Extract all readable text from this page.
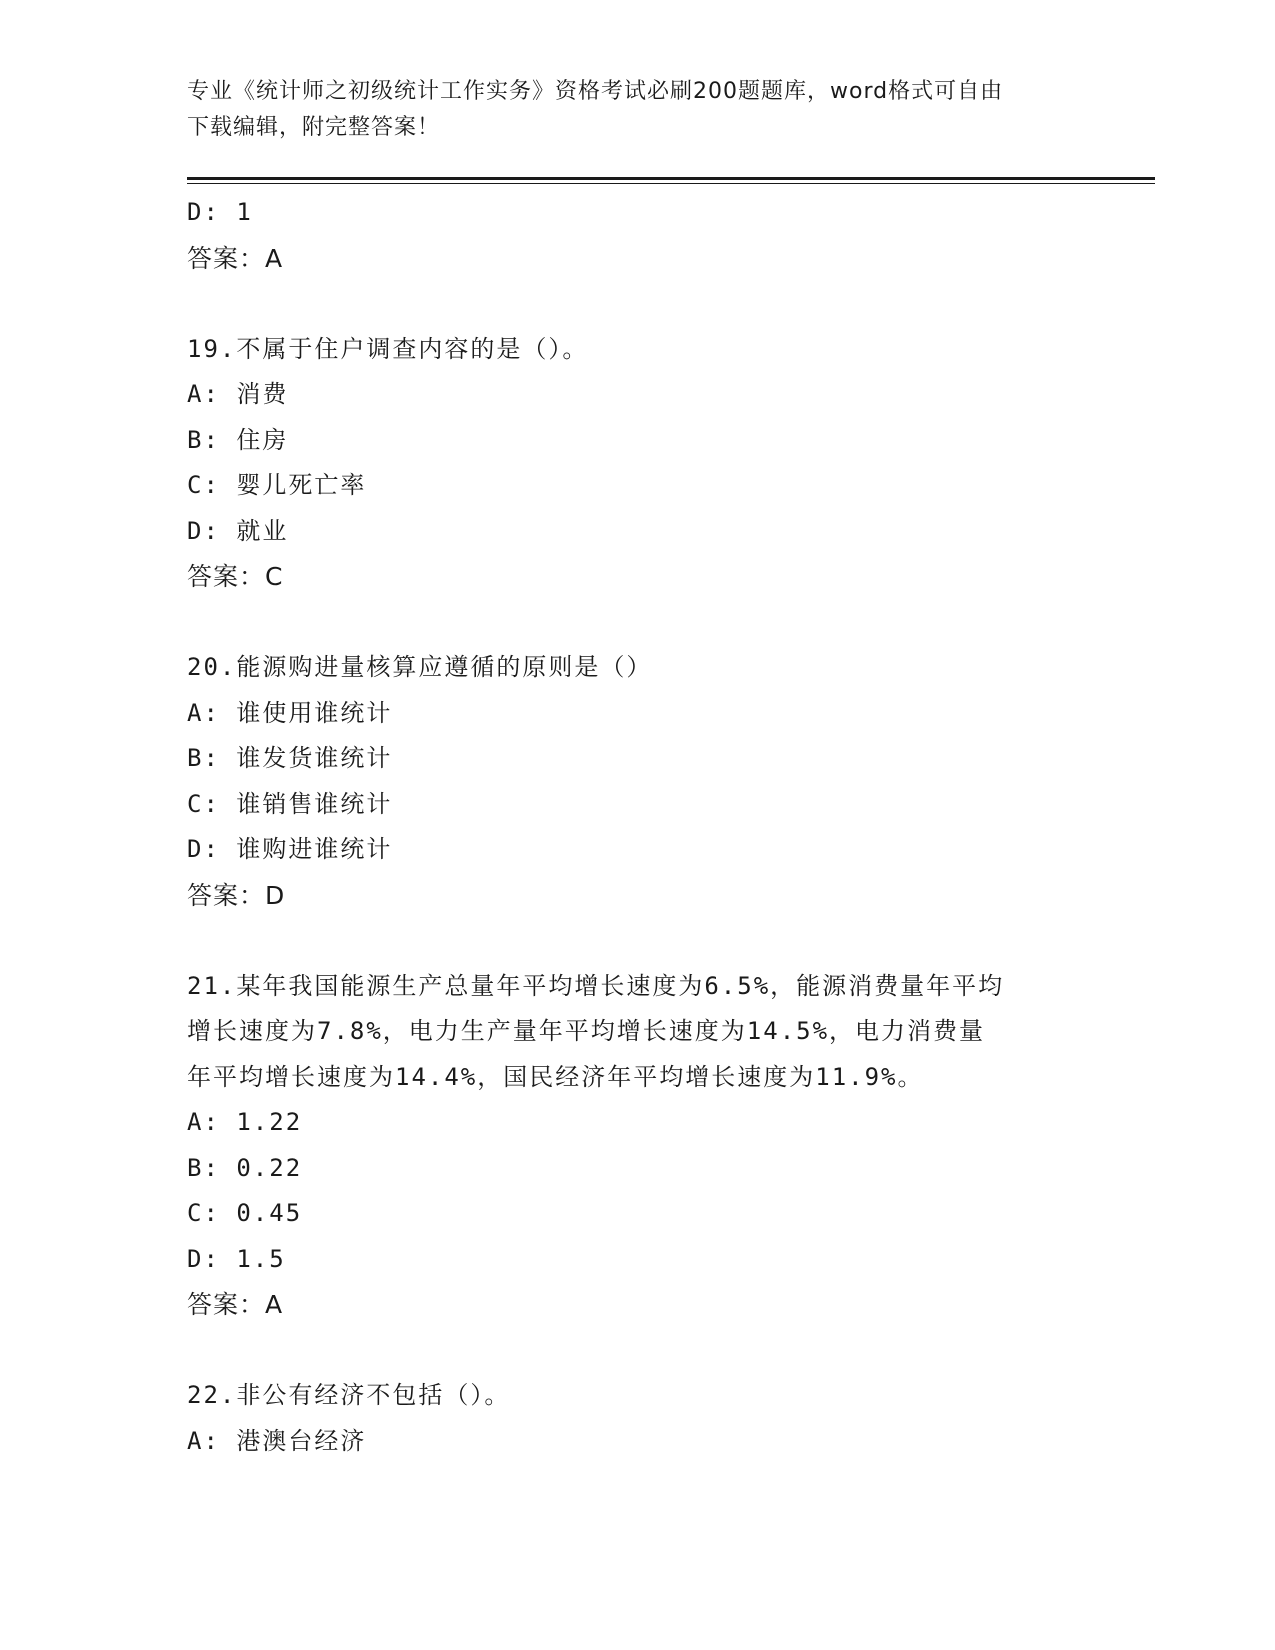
专业《统计师之初级统计工作实务》资格考试必刷200题题库，word格式可自由
下载编辑，附完整答案！
D: 1
答案：A
19.不属于住户调查内容的是（）。
A: 消费
B: 住房
C: 婴儿死亡率
D: 就业
答案：C
20.能源购进量核算应遵循的原则是（）
A: 谁使用谁统计
B: 谁发货谁统计
C: 谁销售谁统计
D: 谁购进谁统计
答案：D
21.某年我国能源生产总量年平均增长速度为6.5%，能源消费量年平均
增长速度为7.8%，电力生产量年平均增长速度为14.5%，电力消费量
年平均增长速度为14.4%，国民经济年平均增长速度为11.9%。
A: 1.22
B: 0.22
C: 0.45
D: 1.5
答案：A
22.非公有经济不包括（）。
A: 港澳台经济
